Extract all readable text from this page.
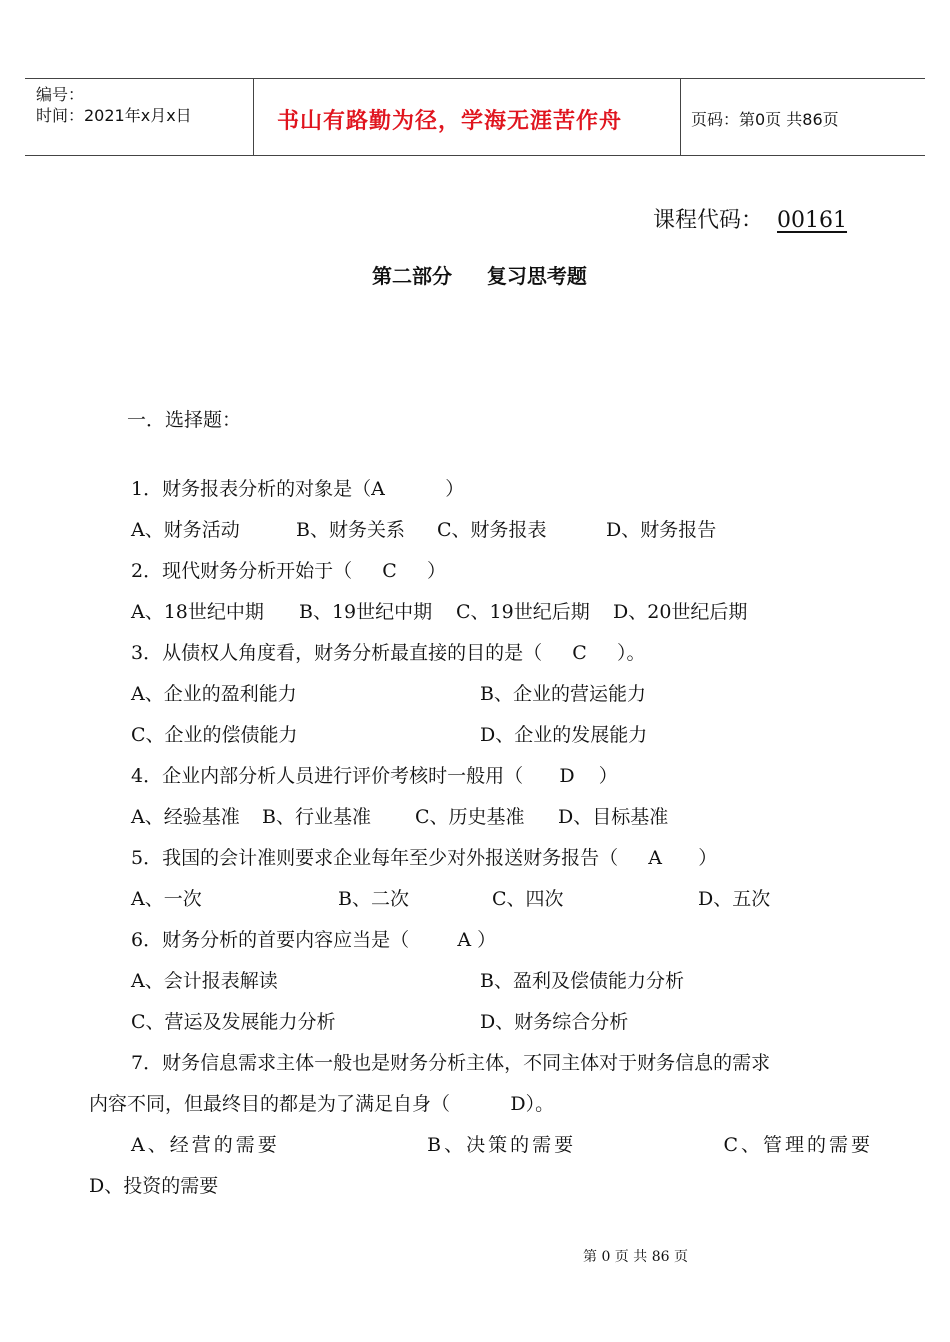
编号：
时间：2021年x月x日	书山有路勤为径，学海无涯苦作舟	页码：第0页 共86页
课程代码： 00161
第二部分     复习思考题
一．选择题：
1．财务报表分析的对象是（A          ）
A、财务活动	B、财务关系 C、财务报表	D、财务报告
2．现代财务分析开始于（     C     ）
A、18世纪中期 B、19世纪中期 C、19世纪后期 D、20世纪后期
3．从债权人角度看，财务分析最直接的目的是（     C     ）。
A、企业的盈利能力	B、企业的营运能力
C、企业的偿债能力	D、企业的发展能力
4．企业内部分析人员进行评价考核时一般用（      D    ）
A、经验基准 B、行业基准 C、历史基准 D、目标基准
5．我国的会计准则要求企业每年至少对外报送财务报告（     A      ）
A、一次	B、二次	C、四次	D、五次
6．财务分析的首要内容应当是（        A ）
A、会计报表解读	B、盈利及偿债能力分析
C、营运及发展能力分析	D、财务综合分析
7．财务信息需求主体一般也是财务分析主体，不同主体对于财务信息的需求
内容不同，但最终目的都是为了满足自身（          D）。
A、经营的需要	B、决策的需要	C、管理的需要
D、投资的需要
第 0 页 共 86 页
